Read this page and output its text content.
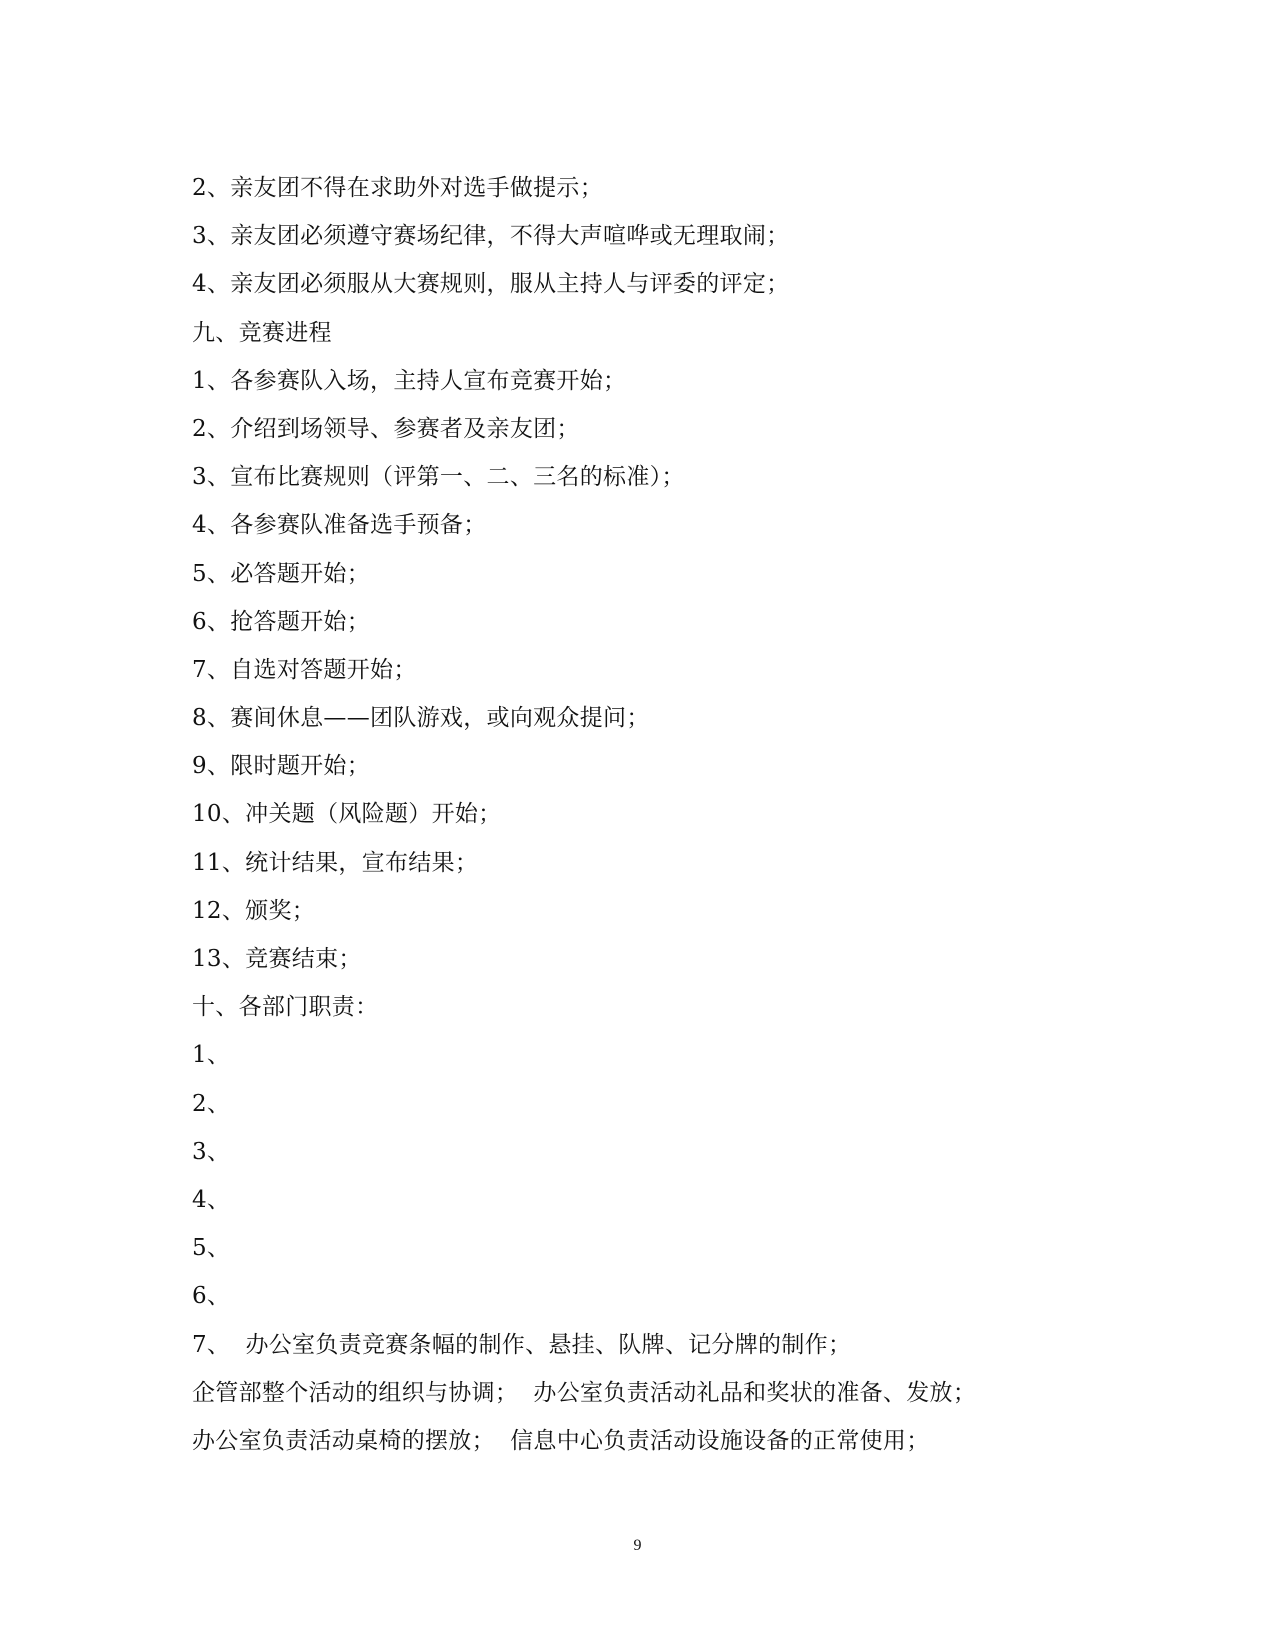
2、亲友团不得在求助外对选手做提示；
3、亲友团必须遵守赛场纪律，不得大声喧哗或无理取闹；
4、亲友团必须服从大赛规则，服从主持人与评委的评定；
九、竞赛进程
1、各参赛队入场，主持人宣布竞赛开始；
2、介绍到场领导、参赛者及亲友团；
3、宣布比赛规则（评第一、二、三名的标准）；
4、各参赛队准备选手预备；
5、必答题开始；
6、抢答题开始；
7、自选对答题开始；
8、赛间休息——团队游戏，或向观众提问；
9、限时题开始；
10、冲关题（风险题）开始；
11、统计结果，宣布结果；
12、颁奖；
13、竞赛结束；
十、各部门职责：
1、
2、
3、
4、
5、
6、
7、  办公室负责竞赛条幅的制作、悬挂、队牌、记分牌的制作；
企管部整个活动的组织与协调；  办公室负责活动礼品和奖状的准备、发放；
办公室负责活动桌椅的摆放；  信息中心负责活动设施设备的正常使用；
9
